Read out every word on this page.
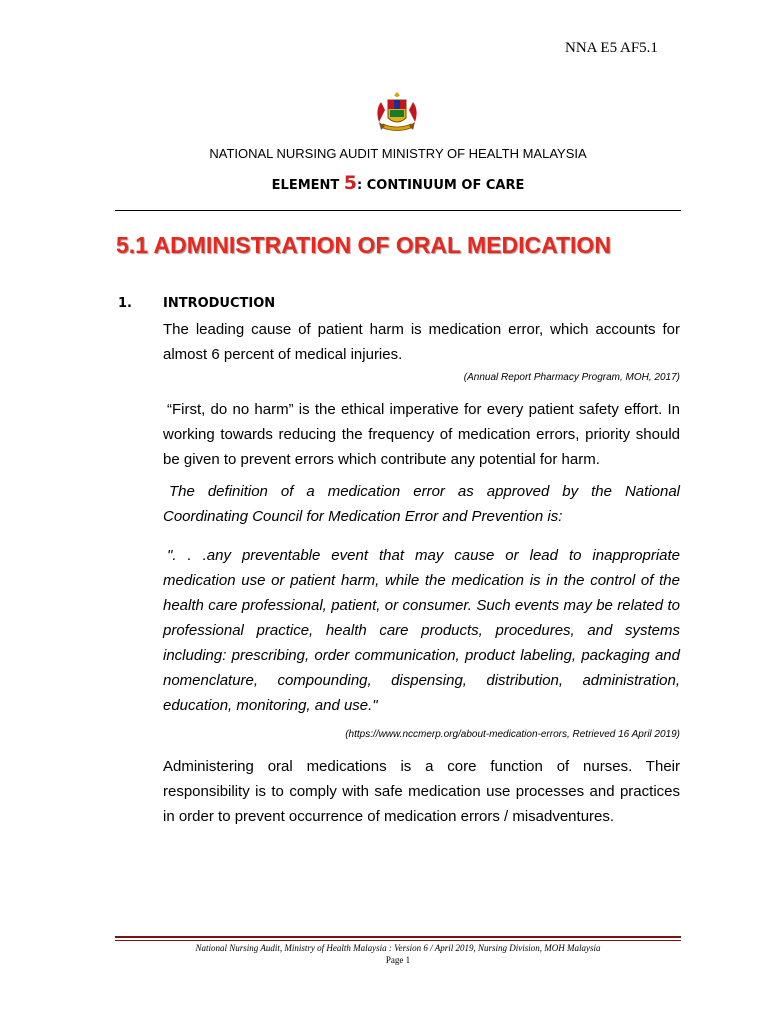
NNA E5 AF5.1
NATIONAL NURSING AUDIT MINISTRY OF HEALTH MALAYSIA
ELEMENT 5: CONTINUUM OF CARE
5.1 ADMINISTRATION OF ORAL MEDICATION
1. INTRODUCTION
The leading cause of patient harm is medication error, which accounts for almost 6 percent of medical injuries.
(Annual Report Pharmacy Program, MOH, 2017)
“First, do no harm” is the ethical imperative for every patient safety effort. In working towards reducing the frequency of medication errors, priority should be given to prevent errors which contribute any potential for harm.
The definition of a medication error as approved by the National Coordinating Council for Medication Error and Prevention is:
". . .any preventable event that may cause or lead to inappropriate medication use or patient harm, while the medication is in the control of the health care professional, patient, or consumer. Such events may be related to professional practice, health care products, procedures, and systems including: prescribing, order communication, product labeling, packaging and nomenclature, compounding, dispensing, distribution, administration, education, monitoring, and use."
(https://www.nccmerp.org/about-medication-errors, Retrieved 16 April 2019)
Administering oral medications is a core function of nurses. Their responsibility is to comply with safe medication use processes and practices in order to prevent occurrence of medication errors / misadventures.
National Nursing Audit, Ministry of Health Malaysia : Version 6 / April 2019, Nursing Division, MOH Malaysia
Page 1
